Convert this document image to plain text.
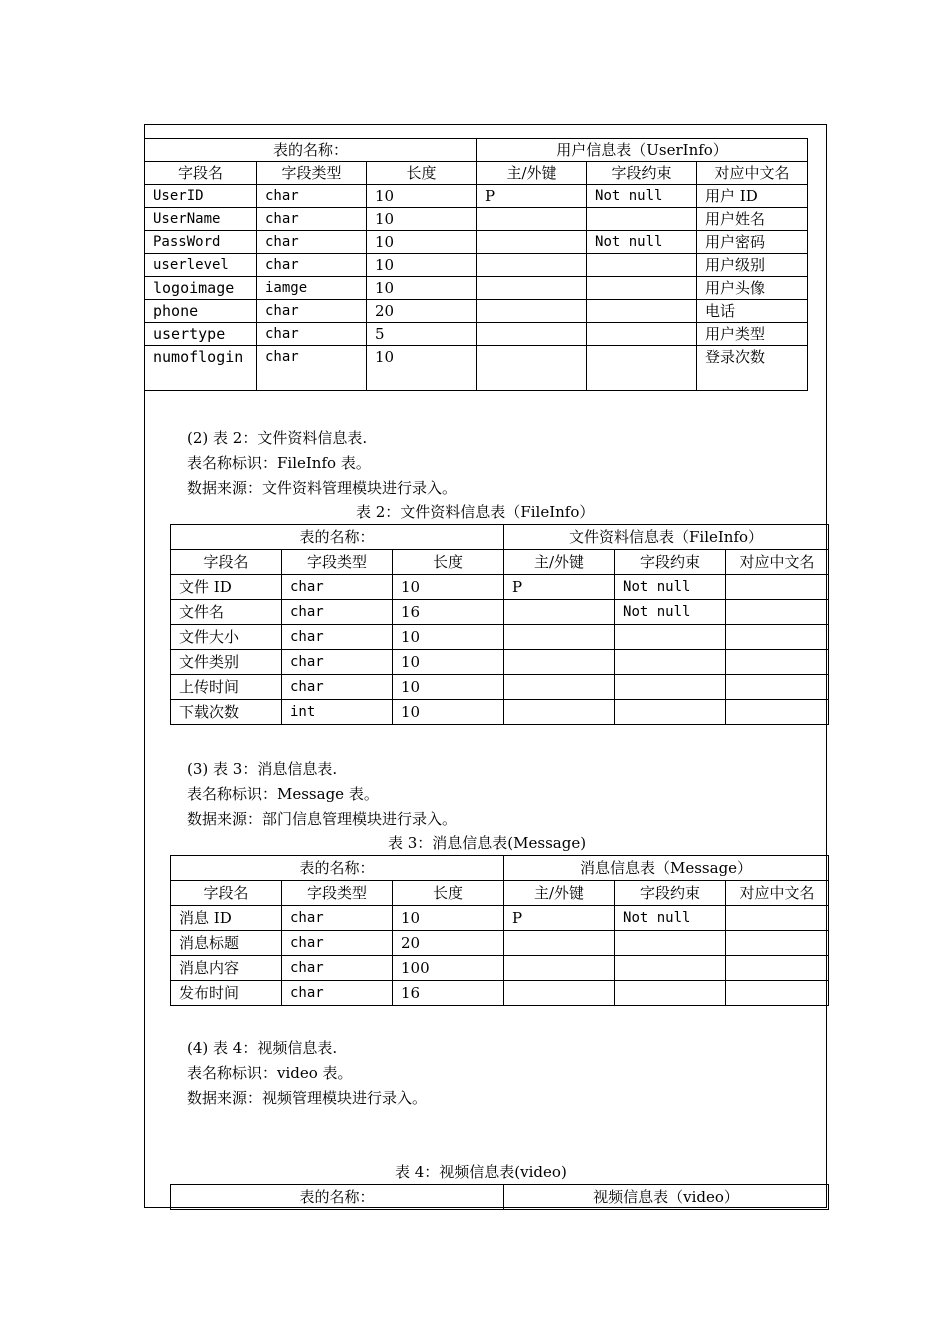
表的名称：			用户信息表（UserInfo）		
字段名	字段类型	长度	主/外键	字段约束	对应中文名
UserID	char	10	P	Not null	用户 ID
UserName	char	10			用户姓名
PassWord	char	10		Not null	用户密码
userlevel	char	10			用户级别
logoimage	iamge	10			用户头像
phone	char	20			电话
usertype	char	5			用户类型
numoflogin	char	10			登录次数
(2) 表 2：文件资料信息表.
表名称标识：FileInfo 表。
数据来源：文件资料管理模块进行录入。
表 2：文件资料信息表（FileInfo）
表的名称：			文件资料信息表（FileInfo）		
字段名	字段类型	长度	主/外键	字段约束	对应中文名
文件 ID	char	10	P	Not null	
文件名	char	16		Not null	
文件大小	char	10			
文件类别	char	10			
上传时间	char	10			
下载次数	int	10			
(3) 表 3：消息信息表.
表名称标识：Message 表。
数据来源：部门信息管理模块进行录入。
表 3：消息信息表(Message)
表的名称：			消息信息表（Message）		
字段名	字段类型	长度	主/外键	字段约束	对应中文名
消息 ID	char	10	P	Not null	
消息标题	char	20			
消息内容	char	100			
发布时间	char	16			
(4) 表 4：视频信息表.
表名称标识：video 表。
数据来源：视频管理模块进行录入。
表 4：视频信息表(video)
表的名称：	视频信息表（video）
